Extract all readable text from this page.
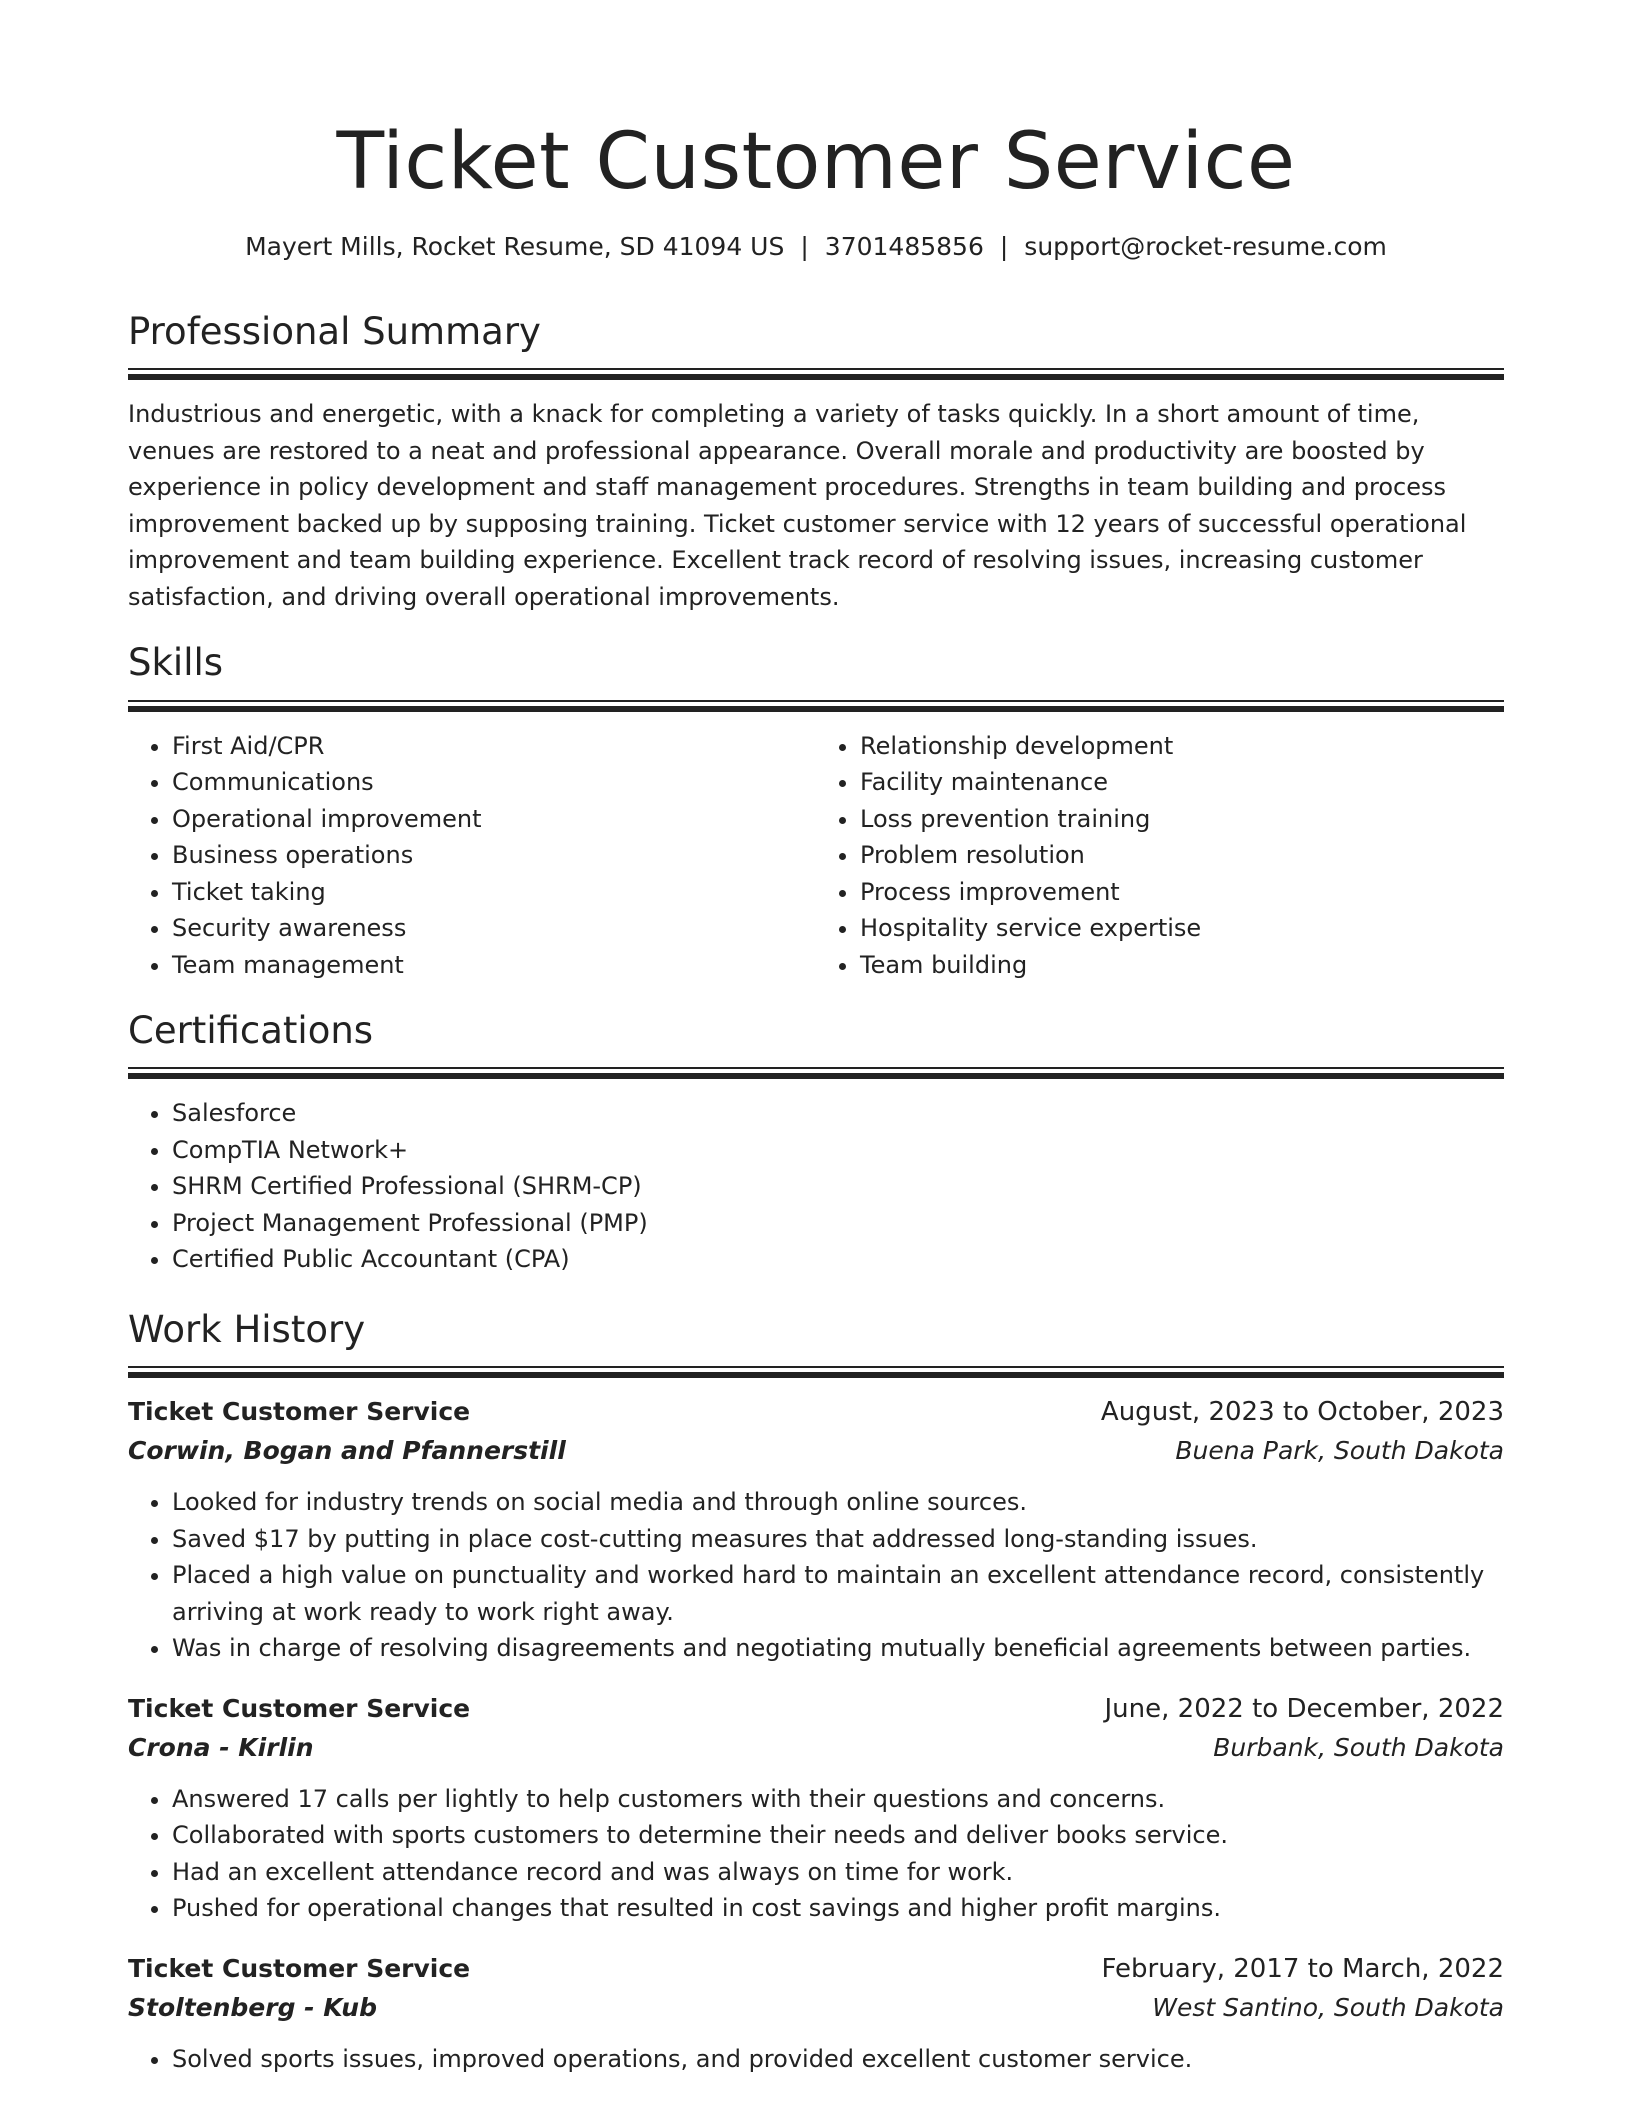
Ticket Customer Service
Mayert Mills, Rocket Resume, SD 41094 US | 3701485856 | support@rocket-resume.com
Professional Summary

Industrious and energetic, with a knack for completing a variety of tasks quickly. In a short amount of time, venues are restored to a neat and professional appearance. Overall morale and productivity are boosted by experience in policy development and staff management procedures. Strengths in team building and process improvement backed up by supposing training. Ticket customer service with 12 years of successful operational improvement and team building experience. Excellent track record of resolving issues, increasing customer satisfaction, and driving overall operational improvements.

Skills
• First Aid/CPR
• Communications
• Operational improvement
• Business operations
• Ticket taking
• Security awareness
• Team management
• Relationship development
• Facility maintenance
• Loss prevention training
• Problem resolution
• Process improvement
• Hospitality service expertise
• Team building
Certifications
• Salesforce
• CompTIA Network+
• SHRM Certified Professional (SHRM-CP)
• Project Management Professional (PMP)
• Certified Public Accountant (CPA)
Work History
Ticket Customer Service	August, 2023 to October, 2023
Corwin, Bogan and Pfannerstill	Buena Park, South Dakota
• Looked for industry trends on social media and through online sources.
• Saved $17 by putting in place cost-cutting measures that addressed long-standing issues.
• Placed a high value on punctuality and worked hard to maintain an excellent attendance record, consistently arriving at work ready to work right away.
• Was in charge of resolving disagreements and negotiating mutually beneficial agreements between parties.
Ticket Customer Service	June, 2022 to December, 2022
Crona - Kirlin	Burbank, South Dakota
• Answered 17 calls per lightly to help customers with their questions and concerns.
• Collaborated with sports customers to determine their needs and deliver books service.
• Had an excellent attendance record and was always on time for work.
• Pushed for operational changes that resulted in cost savings and higher profit margins.
Ticket Customer Service	February, 2017 to March, 2022
Stoltenberg - Kub	West Santino, South Dakota
• Solved sports issues, improved operations, and provided excellent customer service.
